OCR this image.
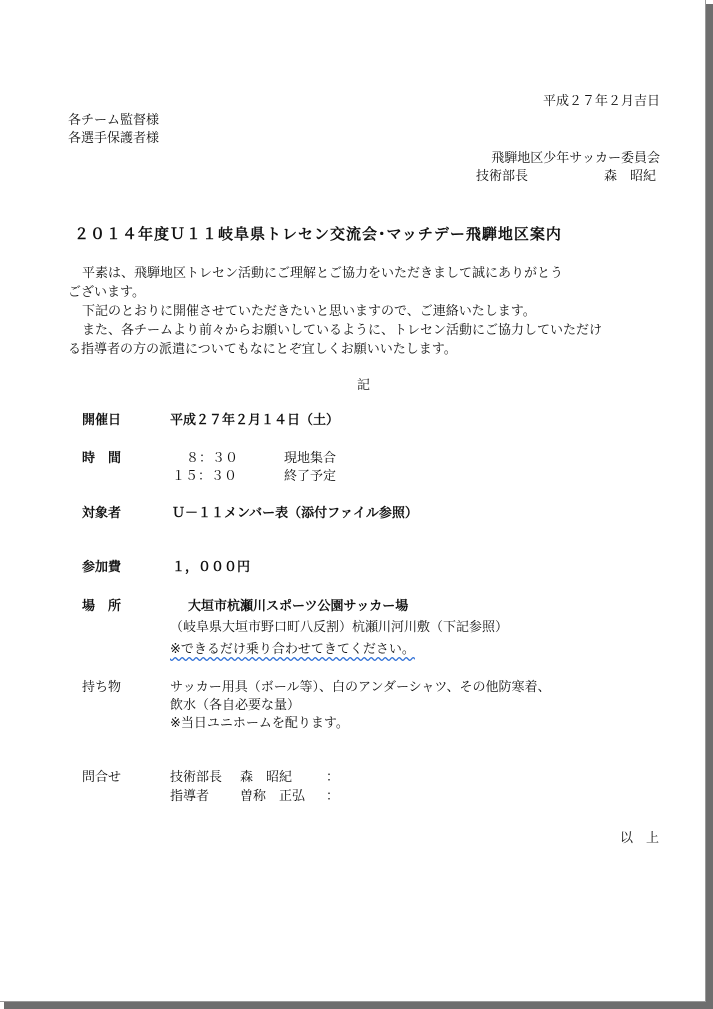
平成２７年２月吉日
各チーム監督様
各選手保護者様
飛騨地区少年サッカー委員会
技術部長	森　昭紀
２０１４年度Ｕ１１岐阜県トレセン交流会･マッチデー飛騨地区案内
平素は、飛騨地区トレセン活動にご理解とご協力をいただきまして誠にありがとう
ございます。
下記のとおりに開催させていただきたいと思いますので、ご連絡いたします。
また、各チームより前々からお願いしているように、トレセン活動にご協力していただけ
る指導者の方の派遣についてもなにとぞ宜しくお願いいたします。
記
開催日	平成２７年２月１４日（土）
時　間	８：３０	現地集合
１５：３０	終了予定
対象者	Ｕ－１１メンバー表（添付ファイル参照）
参加費	１，０００円
場　所	大垣市杭瀬川スポーツ公園サッカー場
（岐阜県大垣市野口町八反割）杭瀬川河川敷（下記参照）
※できるだけ乗り合わせてきてください。
持ち物	サッカー用具（ボール等）、白のアンダーシャツ、その他防寒着、
飲水（各自必要な量）
※当日ユニホームを配ります。
問合せ	技術部長 森　昭紀	：
指導者 曽称　正弘 ：
以　上
